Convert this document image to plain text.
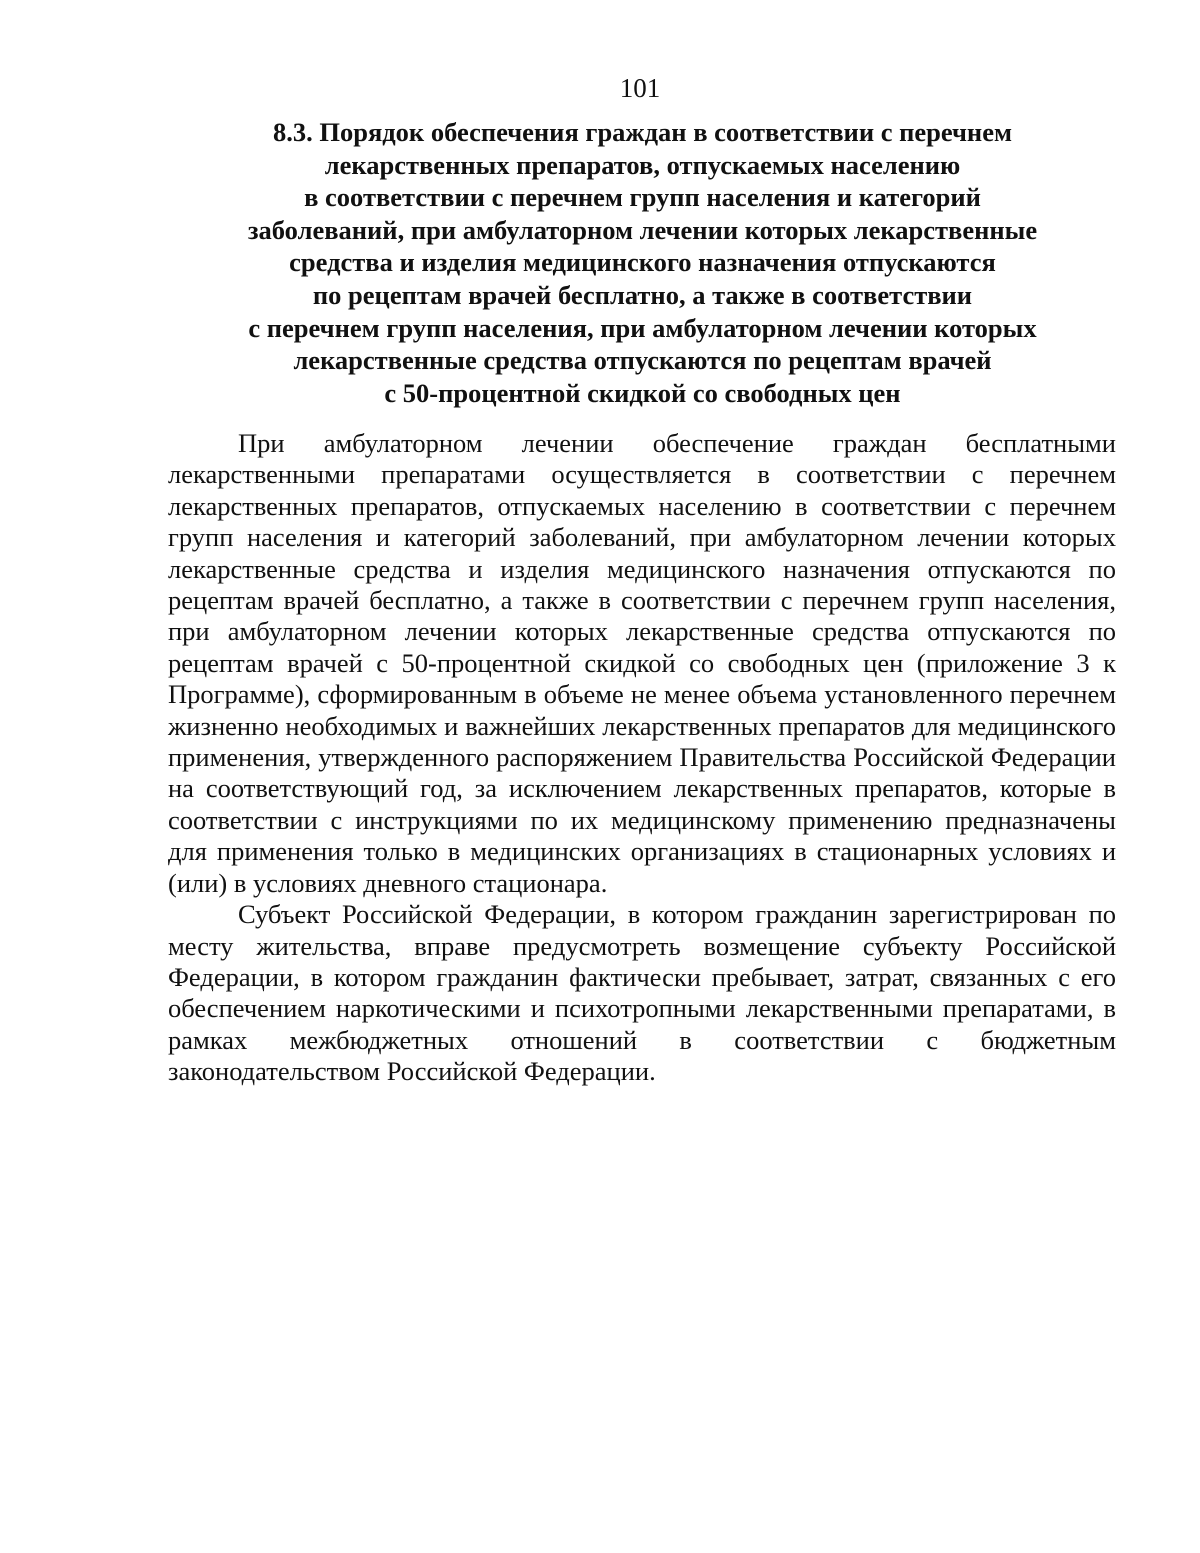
101
8.3. Порядок обеспечения граждан в соответствии с перечнем
лекарственных препаратов, отпускаемых населению
в соответствии с перечнем групп населения и категорий
заболеваний, при амбулаторном лечении которых лекарственные
средства и изделия медицинского назначения отпускаются
по рецептам врачей бесплатно, а также в соответствии
с перечнем групп населения, при амбулаторном лечении которых
лекарственные средства отпускаются по рецептам врачей
с 50-процентной скидкой со свободных цен

При амбулаторном лечении обеспечение граждан бесплатными лекарственными препаратами осуществляется в соответствии с перечнем лекарственных препаратов, отпускаемых населению в соответствии с перечнем групп населения и категорий заболеваний, при амбулаторном лечении которых лекарственные средства и изделия медицинского назначения отпускаются по рецептам врачей бесплатно, а также в соответствии с перечнем групп населения, при амбулаторном лечении которых лекарственные средства отпускаются по рецептам врачей с 50-процентной скидкой со свободных цен (приложение 3 к Программе), сформированным в объеме не менее объема установленного перечнем жизненно необходимых и важнейших лекарственных препаратов для медицинского применения, утвержденного распоряжением Правительства Российской Федерации на соответствующий год, за исключением лекарственных препаратов, которые в соответствии с инструкциями по их медицинскому применению предназначены для применения только в медицинских организациях в стационарных условиях и (или) в условиях дневного стационара.

Субъект Российской Федерации, в котором гражданин зарегистрирован по месту жительства, вправе предусмотреть возмещение субъекту Российской Федерации, в котором гражданин фактически пребывает, затрат, связанных с его обеспечением наркотическими и психотропными лекарственными препаратами, в рамках межбюджетных отношений в соответствии с бюджетным законодательством Российской Федерации.
